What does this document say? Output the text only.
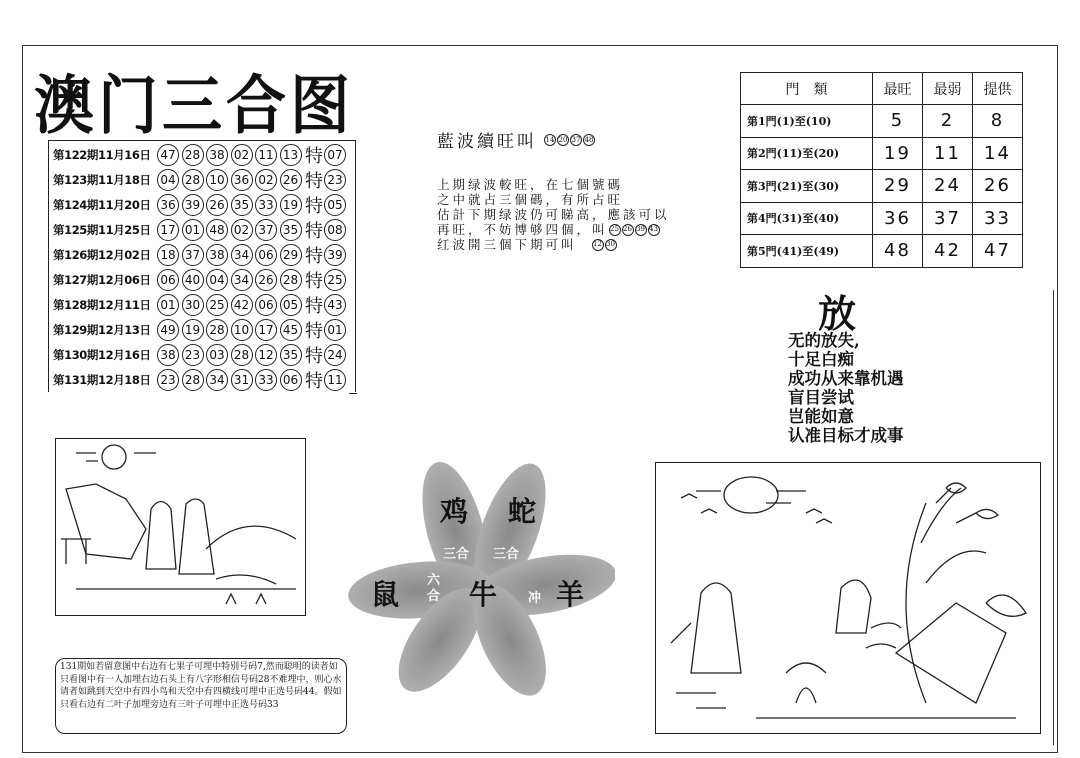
澳门三合图
第122期11月16日 47 28 38 02 11 13 特 07
第123期11月18日 04 28 10 36 02 26 特 23
第124期11月20日 36 39 26 35 33 19 特 05
第125期11月25日 17 01 48 02 37 35 特 08
第126期12月02日 18 37 38 34 06 29 特 39
第127期12月06日 06 40 04 34 26 28 特 25
第128期12月11日 01 30 25 42 06 05 特 43
第129期12月13日 49 19 28 10 17 45 特 01
第130期12月16日 38 23 03 28 12 35 特 24
第131期12月18日 23 28 34 31 33 06 特 11
門　類	最旺	最弱	提供
第1門(1)至(10)	5	2	8
第2門(11)至(20)	19	11	14
第3門(21)至(30)	29	24	26
第4門(31)至(40)	36	37	33
第5門(41)至(49)	48	42	47
藍波續旺叫 14 20 37 48
上期绿波較旺，在七個號碼
之中就占三個碼，有所占旺
估計下期绿波仍可睇高，應該可以
再旺，不妨博够四個，叫 25 26 39 43
红波開三個下期可叫 12 30
放
无的放失,
十足白痴
成功从来靠机遇
盲目尝试
岂能如意
认准目标才成事
鸡 蛇
三合 三合
鼠 六合 牛 冲 羊
131期如若留意图中右边有七果子可埋中特别号码7,然而聪明的读者如只看图中有一人加埋右边石头上有八字形相信号码28不难埋中，则心水请者如跳到天空中有四小鸟和天空中有四横线可埋中正选号码44。假如只看右边有二叶子加埋旁边有三叶子可埋中正选号码33
